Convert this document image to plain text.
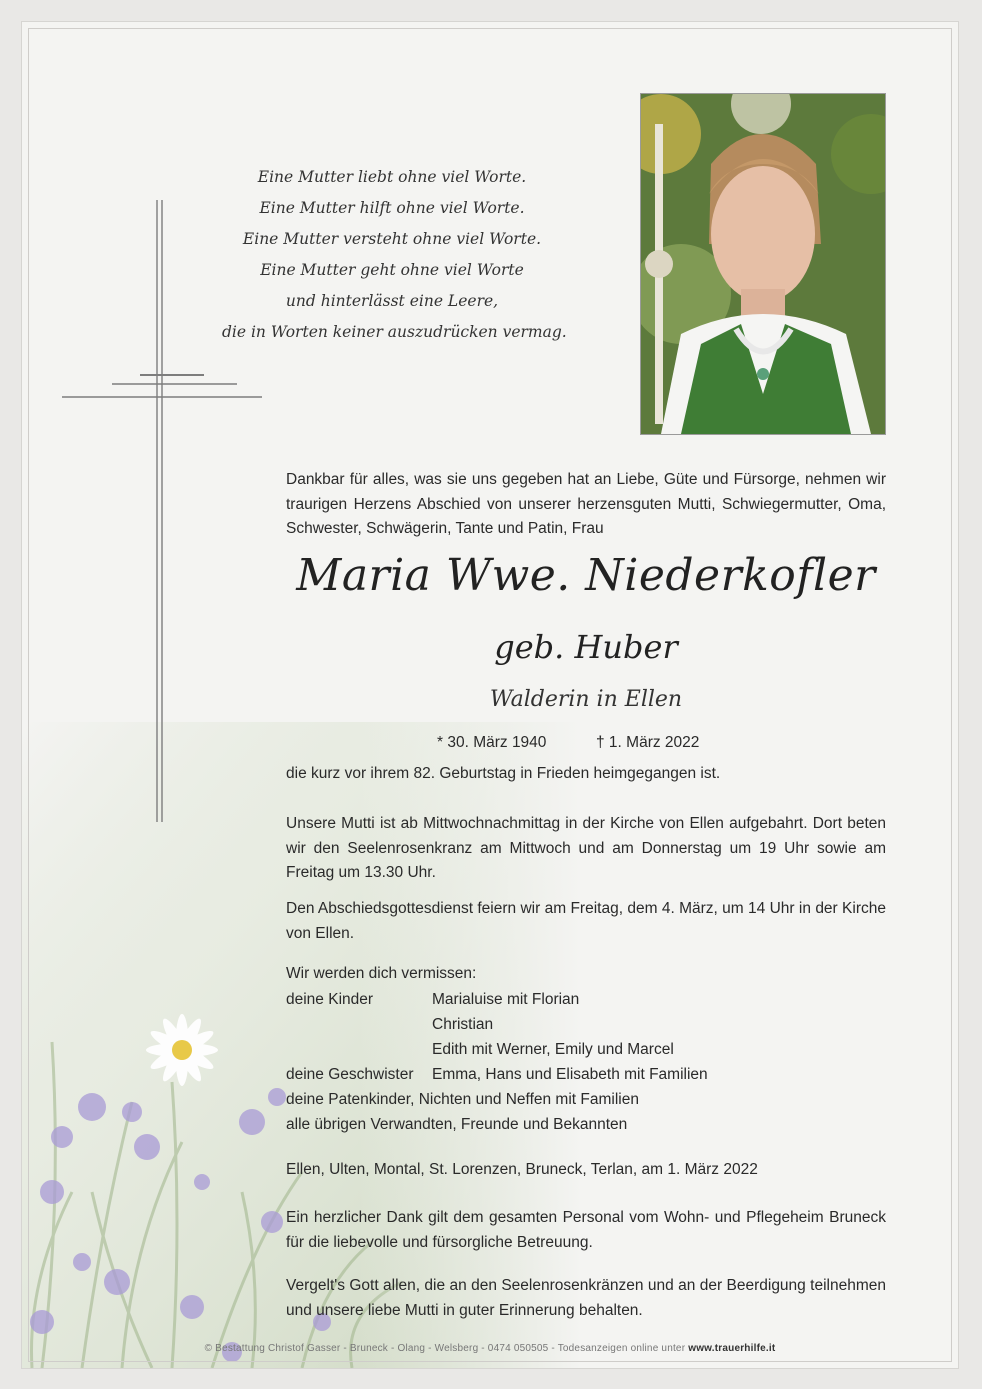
Eine Mutter liebt ohne viel Worte.
Eine Mutter hilft ohne viel Worte.
Eine Mutter versteht ohne viel Worte.
Eine Mutter geht ohne viel Worte
und hinterlässt eine Leere,
die in Worten keiner auszudrücken vermag.
Dankbar für alles, was sie uns gegeben hat an Liebe, Güte und Fürsorge, nehmen wir traurigen Herzens Abschied von unserer herzensguten Mutti, Schwiegermutter, Oma, Schwester, Schwägerin, Tante und Patin, Frau
Maria Wwe. Niederkofler
geb. Huber
Walderin in Ellen
* 30. März 1940	† 1. März 2022
die kurz vor ihrem 82. Geburtstag in Frieden heimgegangen ist.
Unsere Mutti ist ab Mittwochnachmittag in der Kirche von Ellen aufgebahrt. Dort beten wir den Seelenrosenkranz am Mittwoch und am Donnerstag um 19 Uhr sowie am Freitag um 13.30 Uhr.
Den Abschiedsgottesdienst feiern wir am Freitag, dem 4. März, um 14 Uhr in der Kirche von Ellen.
Wir werden dich vermissen:
deine Kinder	Marialuise mit Florian
Christian
Edith mit Werner, Emily und Marcel
deine Geschwister	Emma, Hans und Elisabeth mit Familien
deine Patenkinder, Nichten und Neffen mit Familien
alle übrigen Verwandten, Freunde und Bekannten
Ellen, Ulten, Montal, St. Lorenzen, Bruneck, Terlan, am 1. März 2022
Ein herzlicher Dank gilt dem gesamten Personal vom Wohn- und Pflegeheim Bruneck für die liebevolle und fürsorgliche Betreuung.
Vergelt's Gott allen, die an den Seelenrosenkränzen und an der Beerdigung teilnehmen und unsere liebe Mutti in guter Erinnerung behalten.
© Bestattung Christof Gasser - Bruneck - Olang - Welsberg - 0474 050505 - Todesanzeigen online unter www.trauerhilfe.it
